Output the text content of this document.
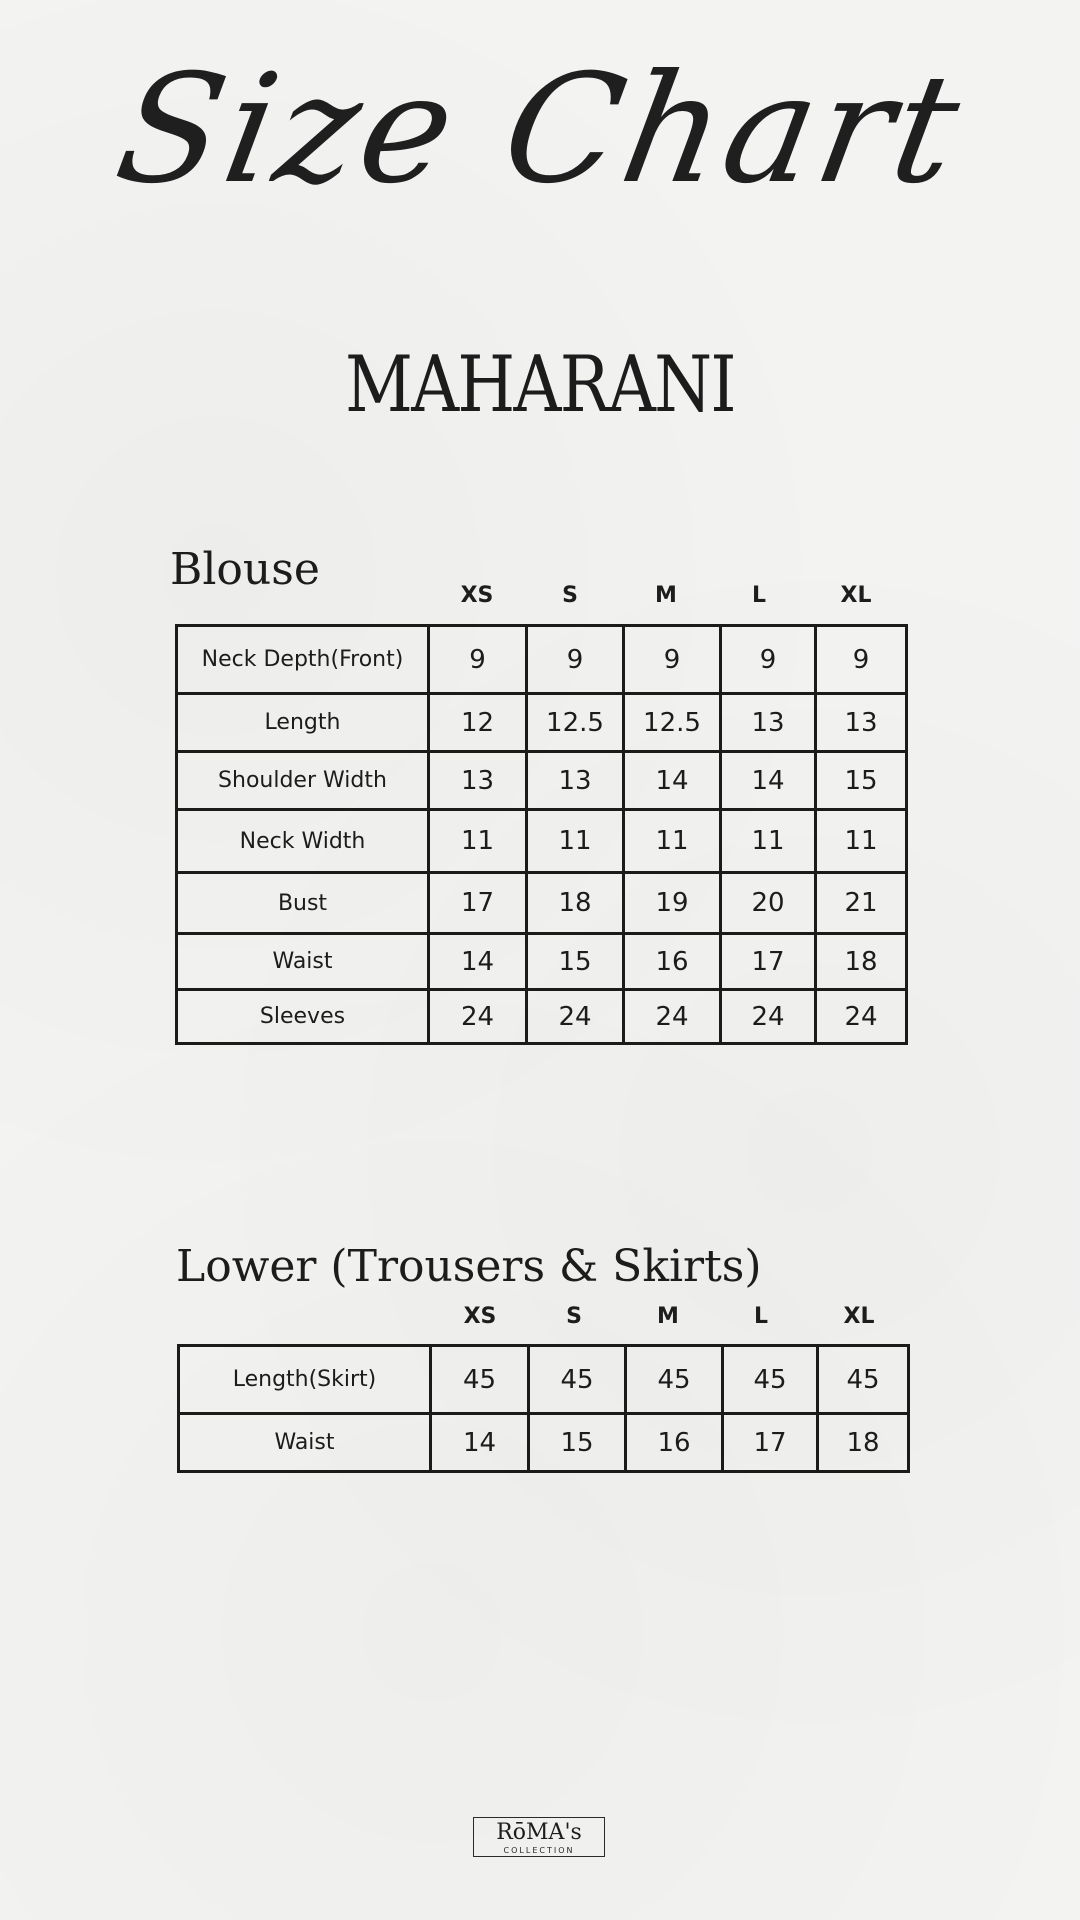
Size Chart
MAHARANI
Blouse
XS	S	M	L	XL
Neck Depth(Front)	9	9	9	9	9
Length	12	12.5	12.5	13	13
Shoulder Width	13	13	14	14	15
Neck Width	11	11	11	11	11
Bust	17	18	19	20	21
Waist	14	15	16	17	18
Sleeves	24	24	24	24	24
Lower (Trousers & Skirts)
XS	S	M	L	XL
Length(Skirt)	45	45	45	45	45
Waist	14	15	16	17	18
RōMA's
COLLECTION
